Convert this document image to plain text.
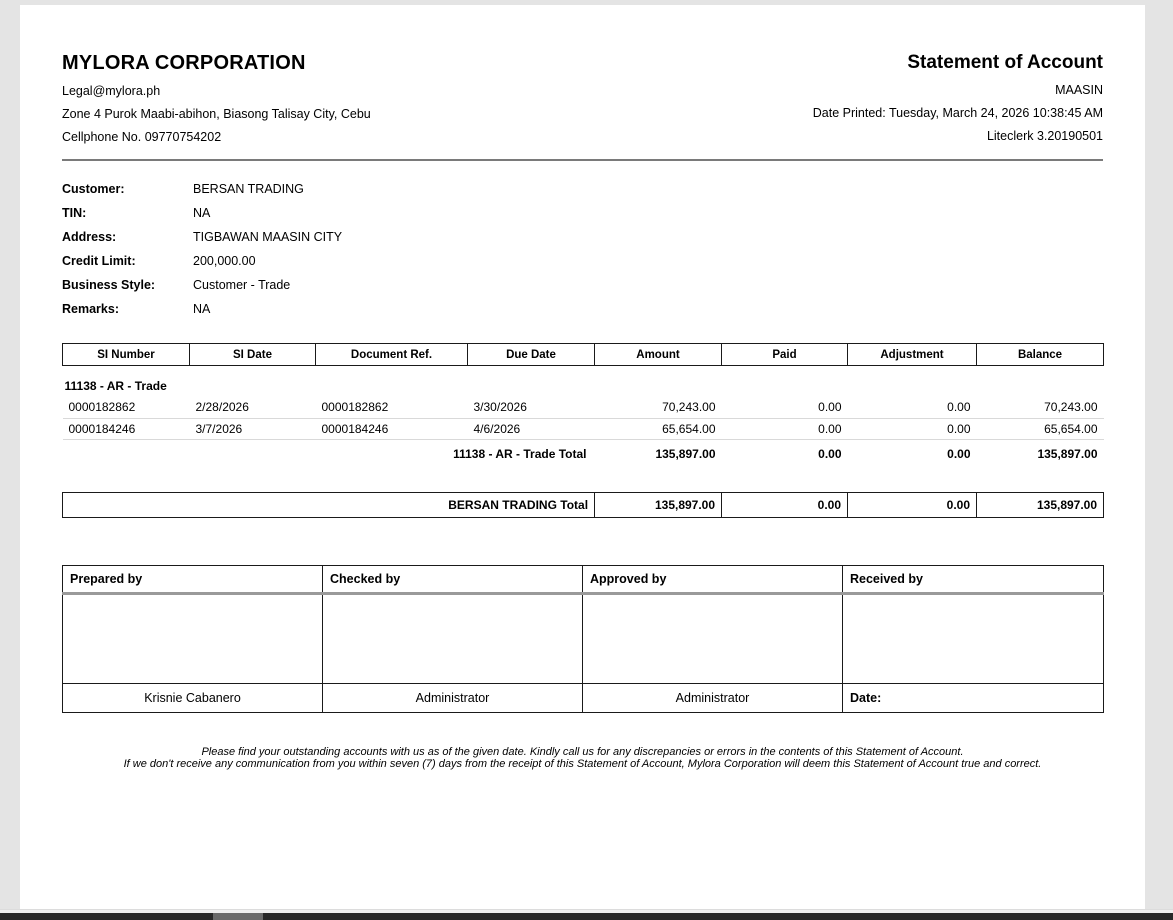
MYLORA CORPORATION
Legal@mylora.ph
Zone 4 Purok Maabi-abihon, Biasong Talisay City, Cebu
Cellphone No. 09770754202
Statement of Account
MAASIN
Date Printed: Tuesday, March 24, 2026 10:38:45 AM
Liteclerk 3.20190501
Customer:	BERSAN TRADING
TIN:	NA
Address:	TIGBAWAN MAASIN CITY
Credit Limit:	200,000.00
Business Style:	Customer - Trade
Remarks:	NA
SI Number	SI Date	Document Ref.	Due Date	Amount	Paid	Adjustment	Balance
11138 - AR - Trade							
0000182862	2/28/2026	0000182862	3/30/2026	70,243.00	0.00	0.00	70,243.00
0000184246	3/7/2026	0000184246	4/6/2026	65,654.00	0.00	0.00	65,654.00
11138 - AR - Trade Total				135,897.00	0.00	0.00	135,897.00
BERSAN TRADING Total	135,897.00	0.00	0.00	135,897.00
Prepared by	Checked by	Approved by	Received by

Krisnie Cabanero	Administrator	Administrator	Date:
Please find your outstanding accounts with us as of the given date. Kindly call us for any discrepancies or errors in the contents of this Statement of Account.
If we don't receive any communication from you within seven (7) days from the receipt of this Statement of Account, Mylora Corporation will deem this Statement of Account true and correct.
